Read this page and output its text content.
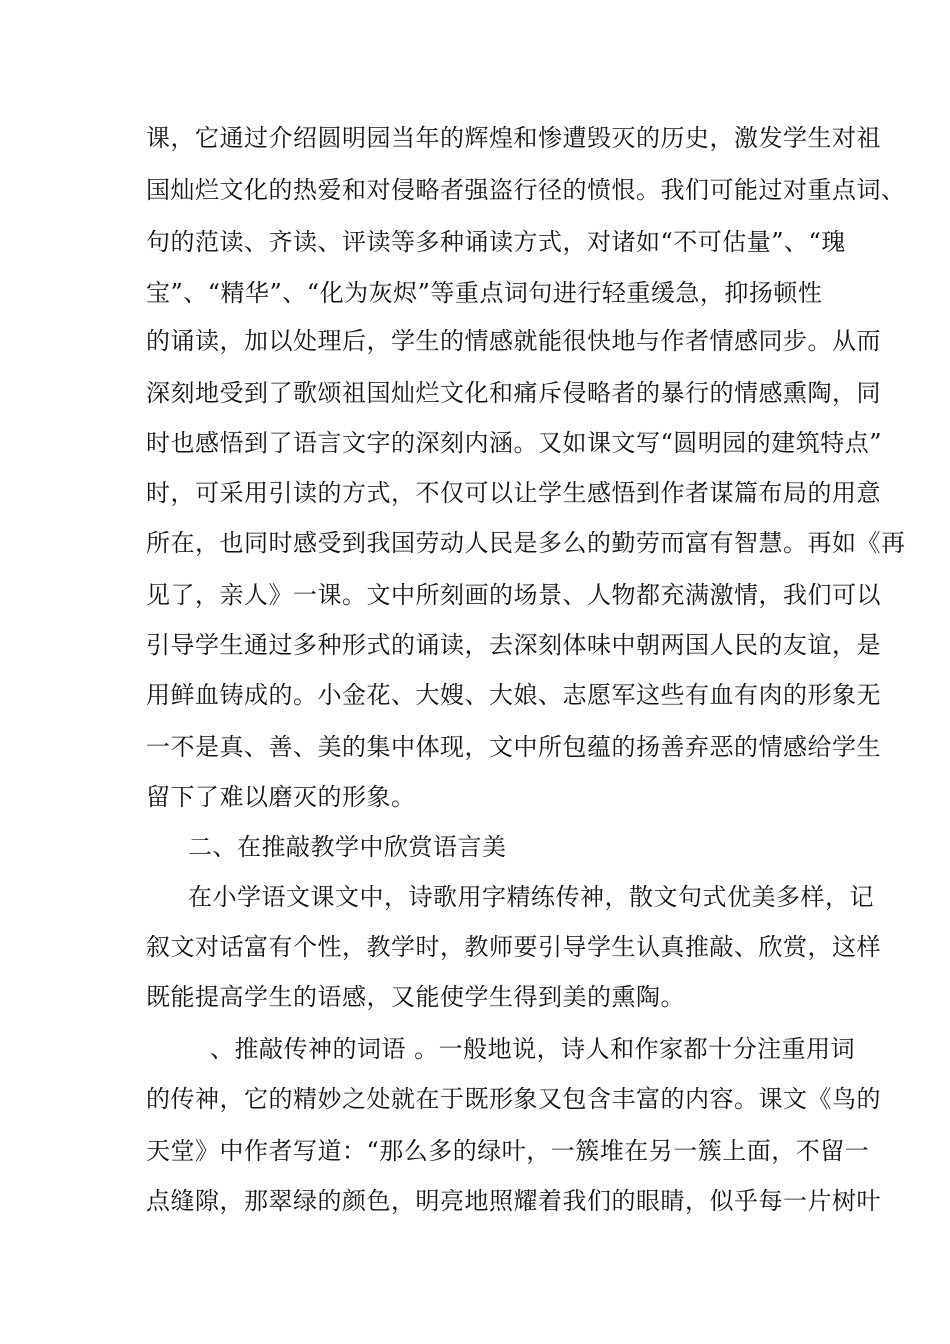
课，它通过介绍圆明园当年的辉煌和惨遭毁灭的历史，激发学生对祖
国灿烂文化的热爱和对侵略者强盗行径的愤恨。我们可能过对重点词、
句的范读、齐读、评读等多种诵读方式，对诸如“不可估量”、“瑰
宝”、“精华”、“化为灰烬”等重点词句进行轻重缓急，抑扬顿性
的诵读，加以处理后，学生的情感就能很快地与作者情感同步。从而
深刻地受到了歌颂祖国灿烂文化和痛斥侵略者的暴行的情感熏陶，同
时也感悟到了语言文字的深刻内涵。又如课文写“圆明园的建筑特点”
时，可采用引读的方式，不仅可以让学生感悟到作者谋篇布局的用意
所在，也同时感受到我国劳动人民是多么的勤劳而富有智慧。再如《再
见了，亲人》一课。文中所刻画的场景、人物都充满激情，我们可以
引导学生通过多种形式的诵读，去深刻体味中朝两国人民的友谊，是
用鲜血铸成的。小金花、大嫂、大娘、志愿军这些有血有肉的形象无
一不是真、善、美的集中体现，文中所包蕴的扬善弃恶的情感给学生
留下了难以磨灭的形象。
二、在推敲教学中欣赏语言美
在小学语文课文中，诗歌用字精练传神，散文句式优美多样，记
叙文对话富有个性，教学时，教师要引导学生认真推敲、欣赏，这样
既能提高学生的语感，又能使学生得到美的熏陶。
、推敲传神的词语 。一般地说，诗人和作家都十分注重用词
的传神，它的精妙之处就在于既形象又包含丰富的内容。课文《鸟的
天堂》中作者写道：“那么多的绿叶，一簇堆在另一簇上面，不留一
点缝隙，那翠绿的颜色，明亮地照耀着我们的眼睛，似乎每一片树叶
